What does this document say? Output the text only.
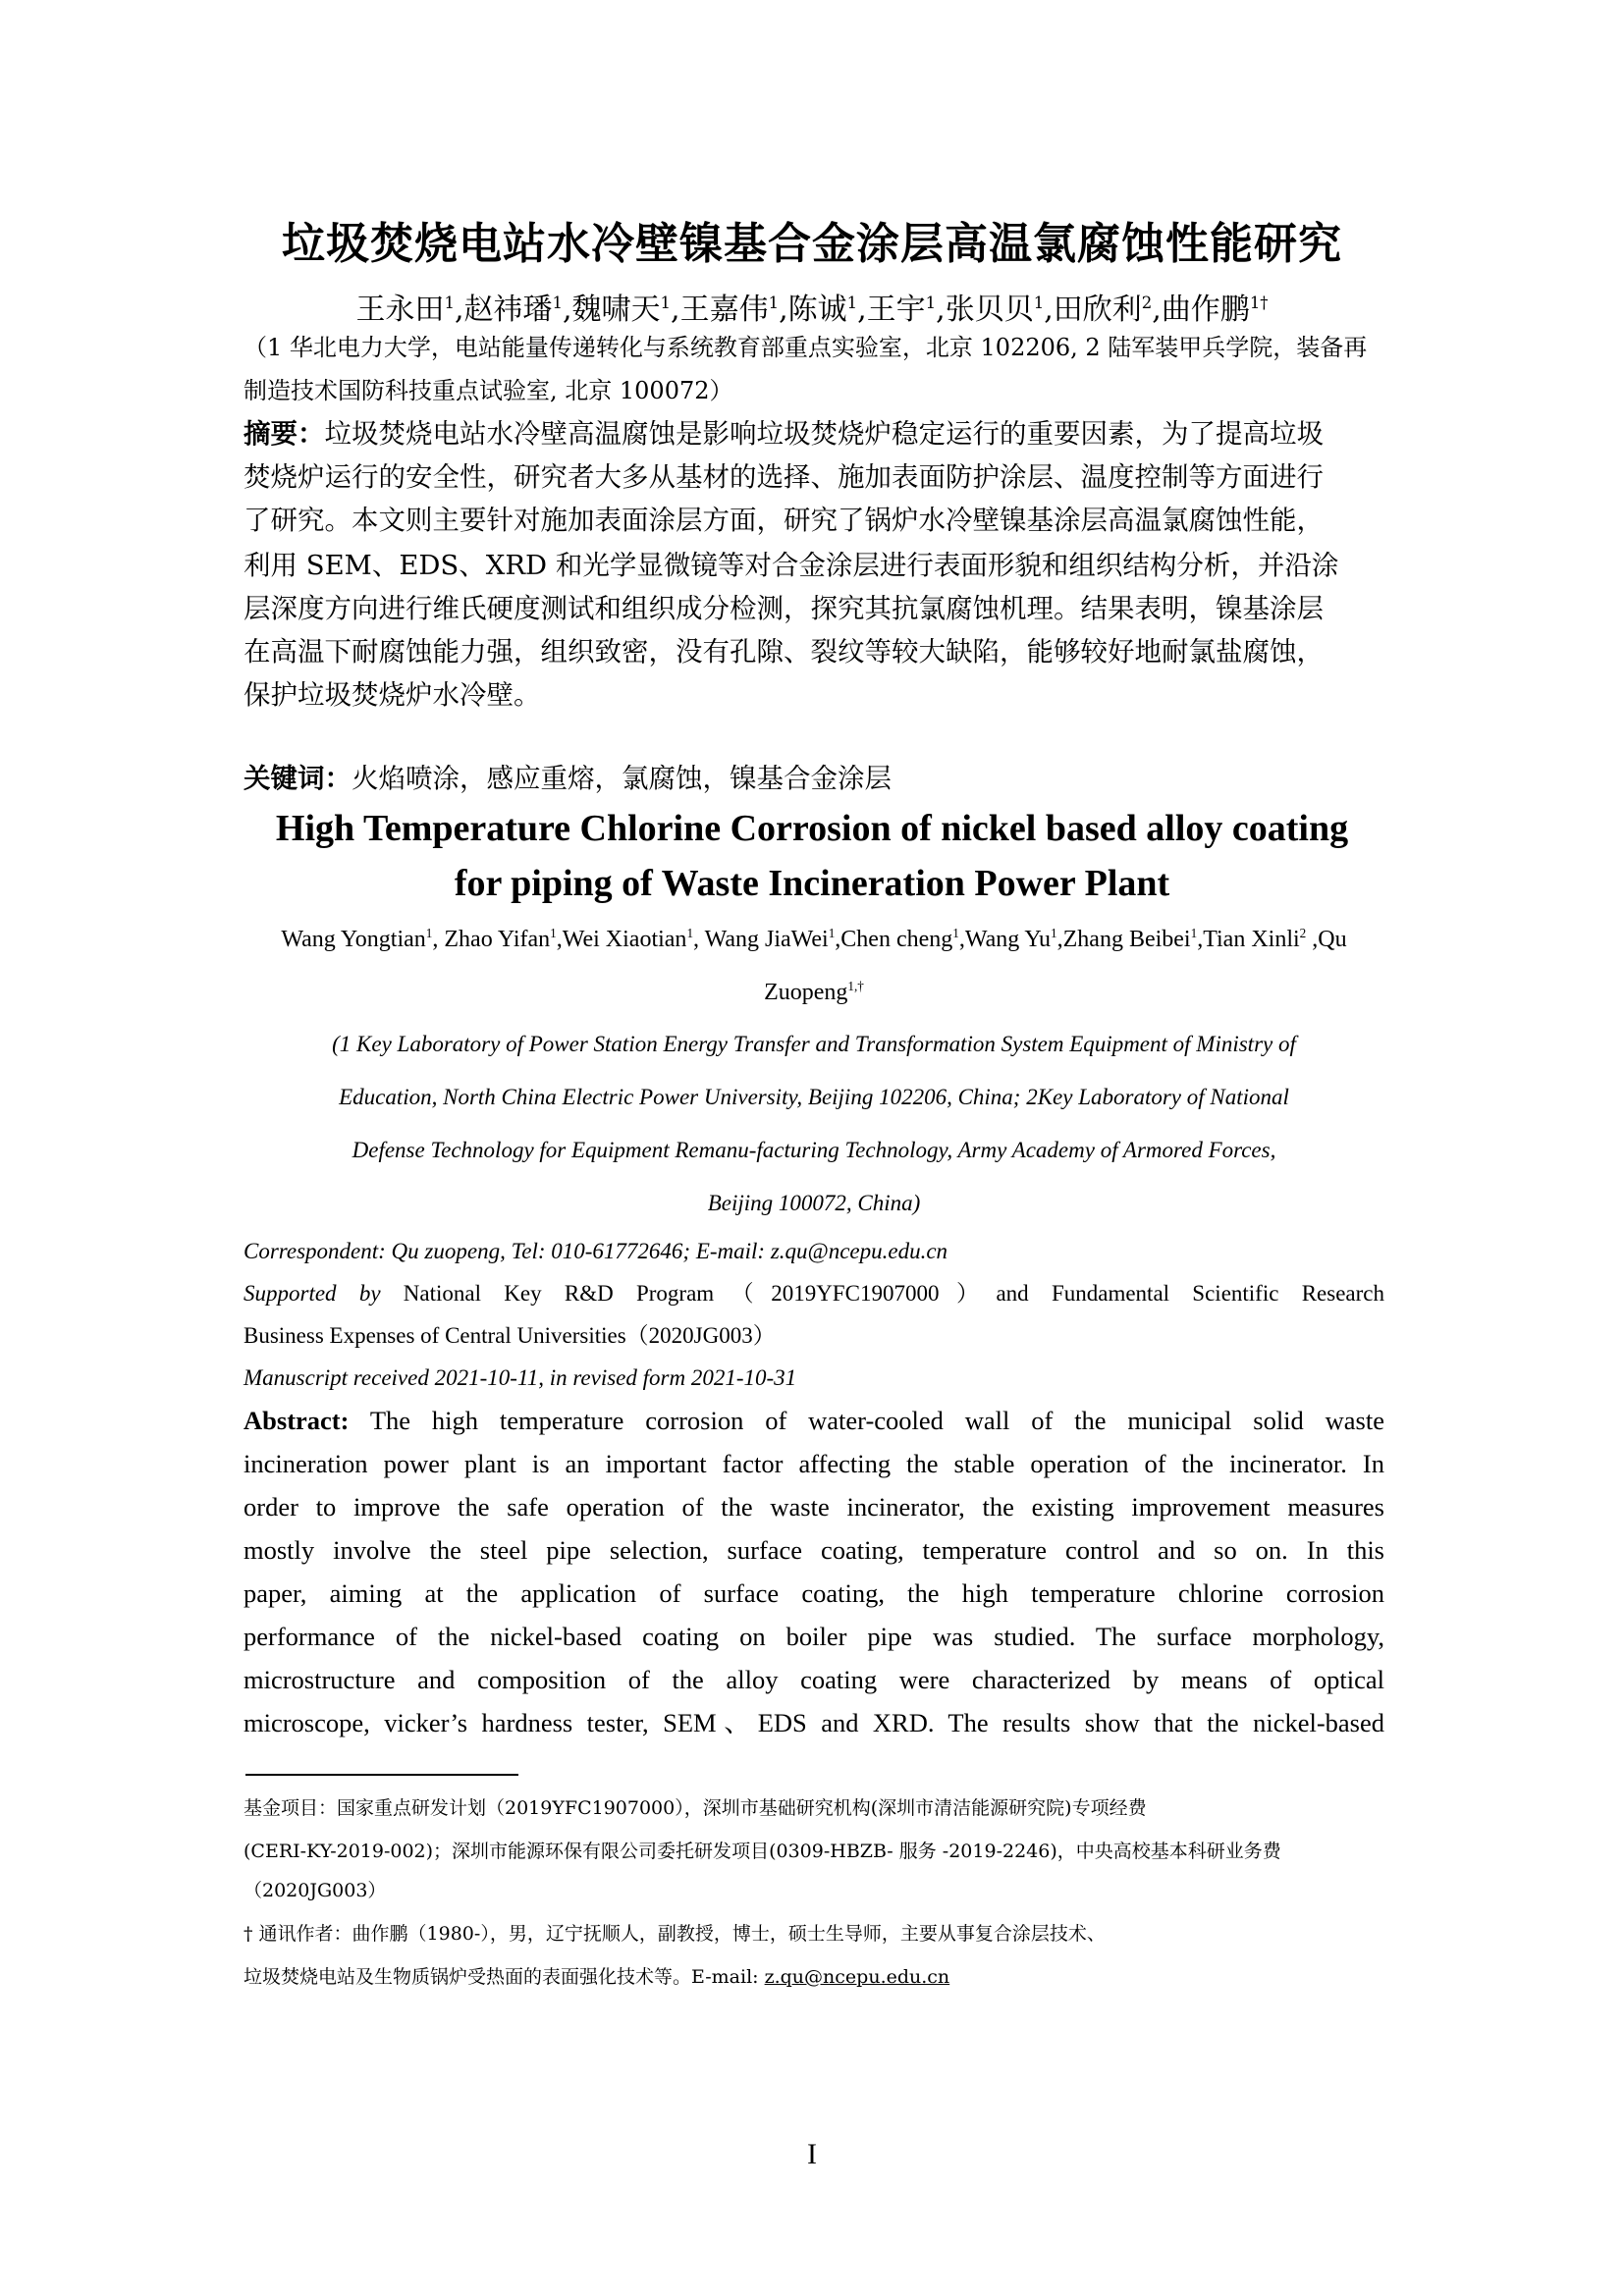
垃圾焚烧电站水冷壁镍基合金涂层高温氯腐蚀性能研究
王永田$^1$,赵祎璠$^1$,魏啸天$^1$,王嘉伟$^1$,陈诚$^1$,王宇$^1$,张贝贝$^1$,田欣利$^2$,曲作鹏$^{1\dagger}$
（1 华北电力大学，电站能量传递转化与系统教育部重点实验室，北京 102206, 2 陆军装甲兵学院，装备再
制造技术国防科技重点试验室, 北京 100072）
摘要：垃圾焚烧电站水冷壁高温腐蚀是影响垃圾焚烧炉稳定运行的重要因素，为了提高垃圾
焚烧炉运行的安全性，研究者大多从基材的选择、施加表面防护涂层、温度控制等方面进行
了研究。本文则主要针对施加表面涂层方面，研究了锅炉水冷壁镍基涂层高温氯腐蚀性能，
利用 SEM、EDS、XRD 和光学显微镜等对合金涂层进行表面形貌和组织结构分析，并沿涂
层深度方向进行维氏硬度测试和组织成分检测，探究其抗氯腐蚀机理。结果表明，镍基涂层
在高温下耐腐蚀能力强，组织致密，没有孔隙、裂纹等较大缺陷，能够较好地耐氯盐腐蚀，
保护垃圾焚烧炉水冷壁。
关键词：火焰喷涂，感应重熔，氯腐蚀，镍基合金涂层
High Temperature Chlorine Corrosion of nickel based alloy coating
for piping of Waste Incineration Power Plant
Wang Yongtian$^1$, Zhao Yifan$^1$,Wei Xiaotian$^1$, Wang JiaWei$^1$,Chen cheng$^1$,Wang Yu$^1$,Zhang Beibei$^1$,Tian Xinli$^2$ ,Qu
Zuopeng$^{1,\dagger}$
(1 Key Laboratory of Power Station Energy Transfer and Transformation System Equipment of Ministry of
Education, North China Electric Power University, Beijing 102206, China; 2Key Laboratory of National
Defense Technology for Equipment Remanu-facturing Technology, Army Academy of Armored Forces,
Beijing 100072, China)
Correspondent: Qu zuopeng, Tel: 010-61772646; E-mail: z.qu@ncepu.edu.cn
Supported by National Key R&D Program（2019YFC1907000）and Fundamental Scientific Research
Business Expenses of Central Universities（2020JG003）
Manuscript received 2021-10-11, in revised form 2021-10-31
Abstract: The high temperature corrosion of water-cooled wall of the municipal solid waste
incineration power plant is an important factor affecting the stable operation of the incinerator. In
order to improve the safe operation of the waste incinerator, the existing improvement measures
mostly involve the steel pipe selection, surface coating, temperature control and so on. In this
paper, aiming at the application of surface coating, the high temperature chlorine corrosion
performance of the nickel-based coating on boiler pipe was studied. The surface morphology,
microstructure and composition of the alloy coating were characterized by means of optical
microscope, vicker’s hardness tester, SEM、EDS and XRD. The results show that the nickel-based
基金项目：国家重点研发计划（2019YFC1907000），深圳市基础研究机构(深圳市清洁能源研究院)专项经费
(CERI-KY-2019-002)；深圳市能源环保有限公司委托研发项目(0309-HBZB- 服务 -2019-2246)，中央高校基本科研业务费
（2020JG003）
† 通讯作者：曲作鹏（1980-），男，辽宁抚顺人，副教授，博士，硕士生导师，主要从事复合涂层技术、
垃圾焚烧电站及生物质锅炉受热面的表面强化技术等。E-mail: z.qu@ncepu.edu.cn
I
